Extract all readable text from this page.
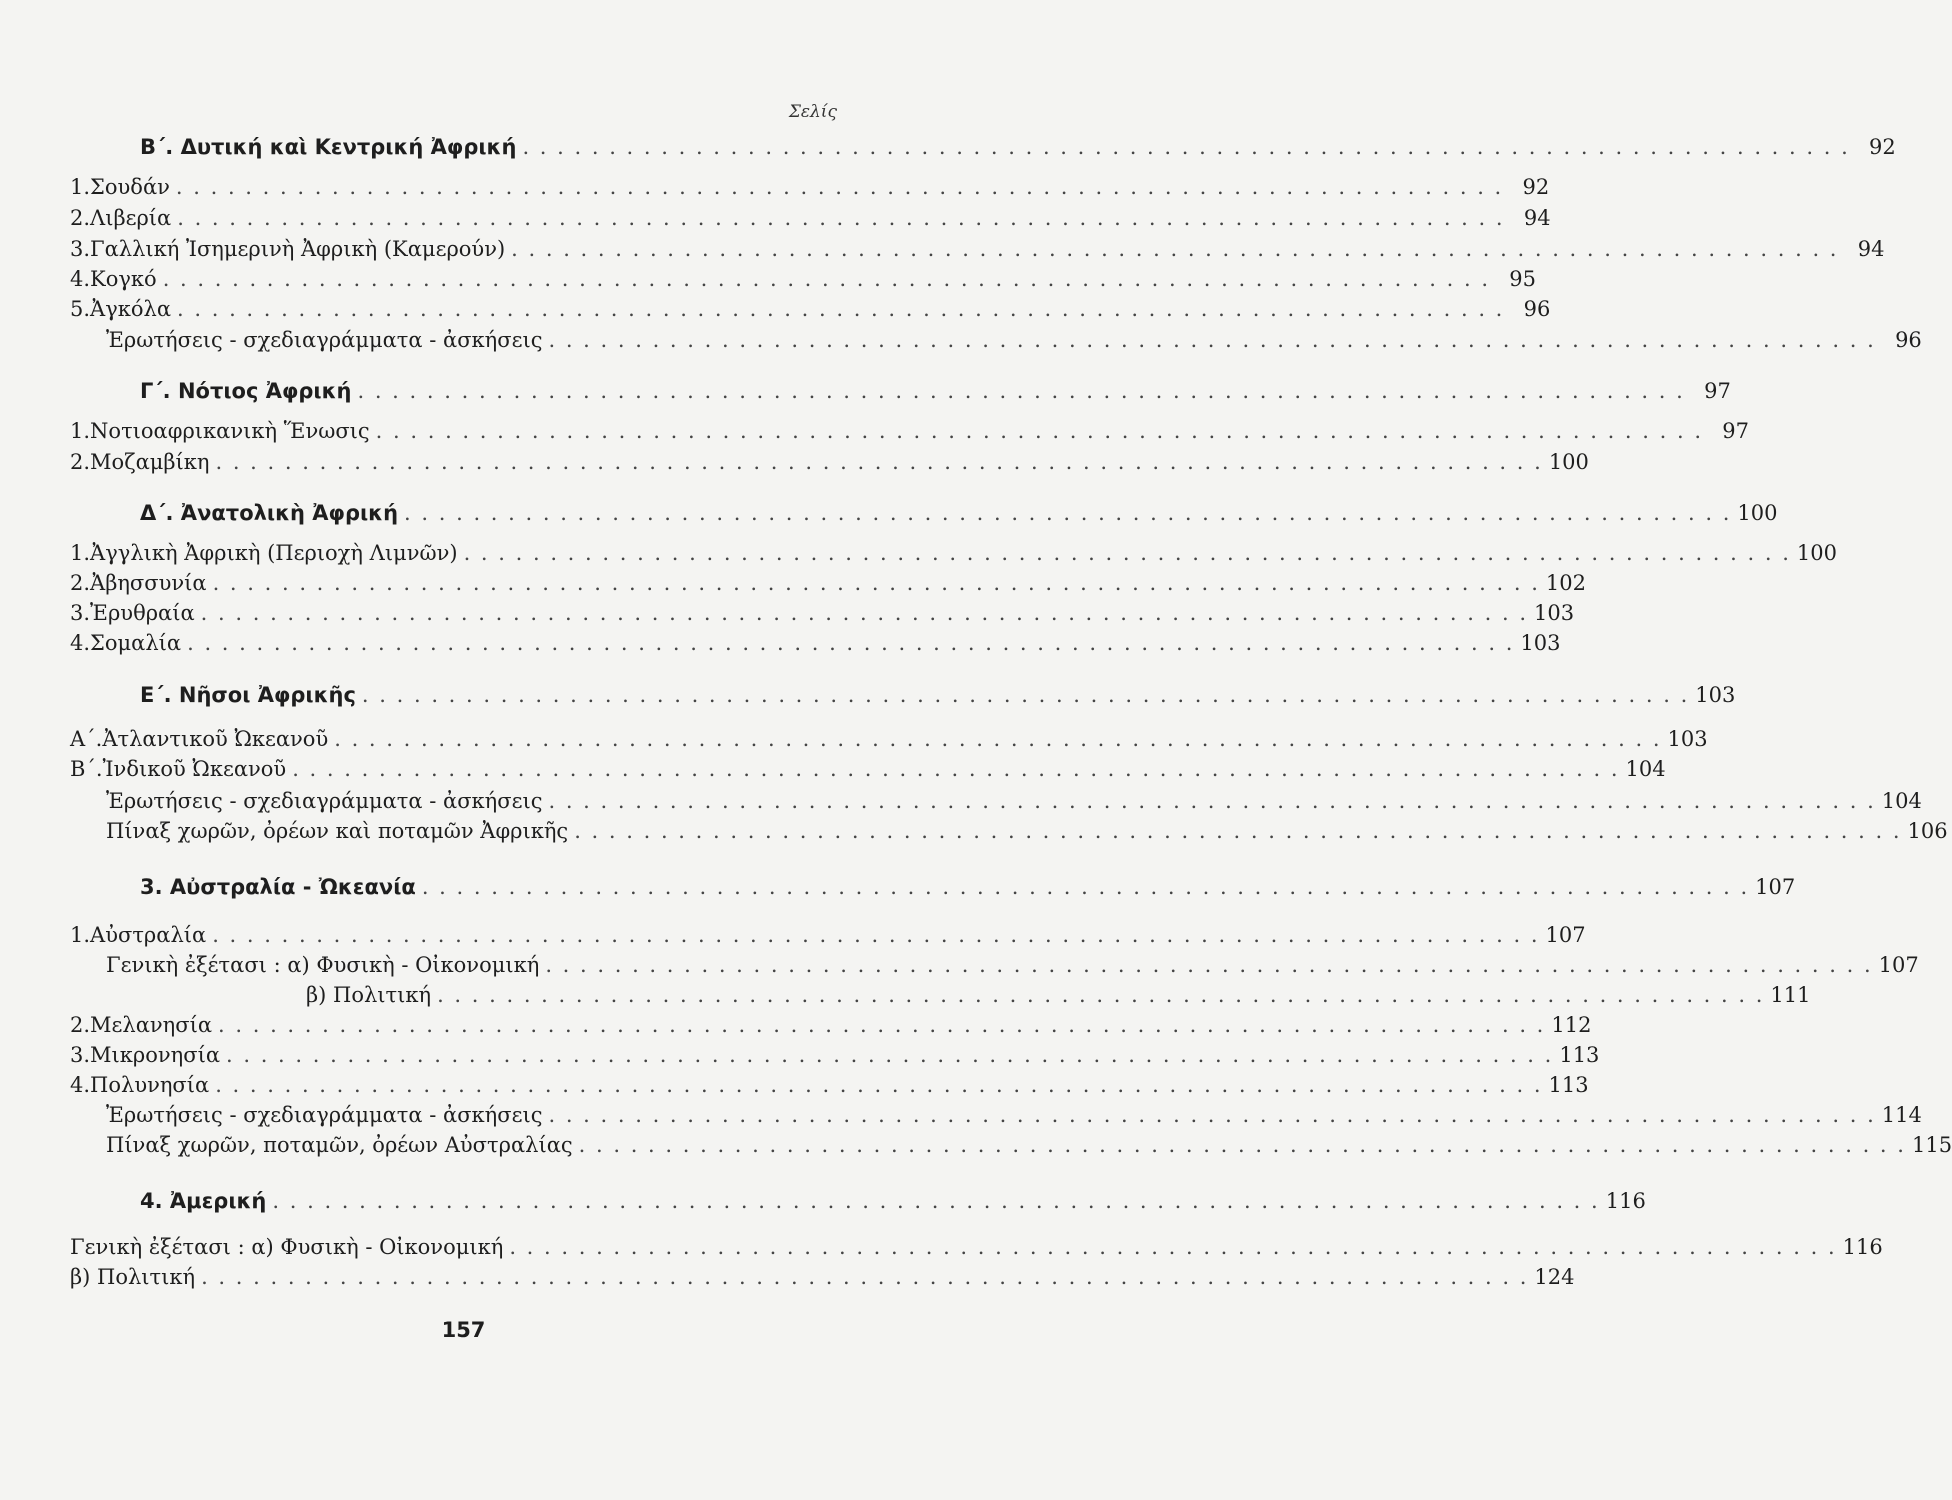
Σελίς
Β΄. Δυτική καὶ Κεντρική Ἀφρική . . .	92
1. Σουδάν . . .	92
2. Λιβερία . . .	94
3. Γαλλική Ἰσημερινὴ Ἀφρικὴ (Καμερούν) . . .	94
4. Κογκό . . .	95
5. Ἀγκόλα . . .	96
Ἐρωτήσεις - σχεδιαγράμματα - ἀσκήσεις . . .	96
Γ΄. Νότιος Ἀφρική . . .	97
1. Νοτιοαφρικανικὴ Ἕνωσις . . .	97
2. Μοζαμβίκη . . .	100
Δ΄. Ἀνατολικὴ Ἀφρική . . .	100
1. Ἀγγλικὴ Ἀφρικὴ (Περιοχὴ Λιμνῶν) . . .	100
2. Ἀβησσυνία . . .	102
3. Ἐρυθραία . . .	103
4. Σομαλία . . .	103
Ε΄. Νῆσοι Ἀφρικῆς . . .	103
Α΄. Ἀτλαντικοῦ Ὠκεανοῦ . . .	103
Β΄. Ἰνδικοῦ Ὠκεανοῦ . . .	104
Ἐρωτήσεις - σχεδιαγράμματα - ἀσκήσεις . . .	104
Πίναξ χωρῶν, ὀρέων καὶ ποταμῶν Ἀφρικῆς . . .	106
3. Αὐστραλία - Ὠκεανία . . .	107
1. Αὐστραλία . . .	107
Γενικὴ ἐξέτασι : α) Φυσικὴ - Οἰκονομική . . .	107
β) Πολιτική . . .	111
2. Μελανησία . . .	112
3. Μικρονησία . . .	113
4. Πολυνησία . . .	113
Ἐρωτήσεις - σχεδιαγράμματα - ἀσκήσεις . . .	114
Πίναξ χωρῶν, ποταμῶν, ὀρέων Αὐστραλίας . . .	115
4. Ἀμερική . . .	116
Γενικὴ ἐξέτασι : α) Φυσικὴ - Οἰκονομική . . .	116
β) Πολιτική . . .	124
157
